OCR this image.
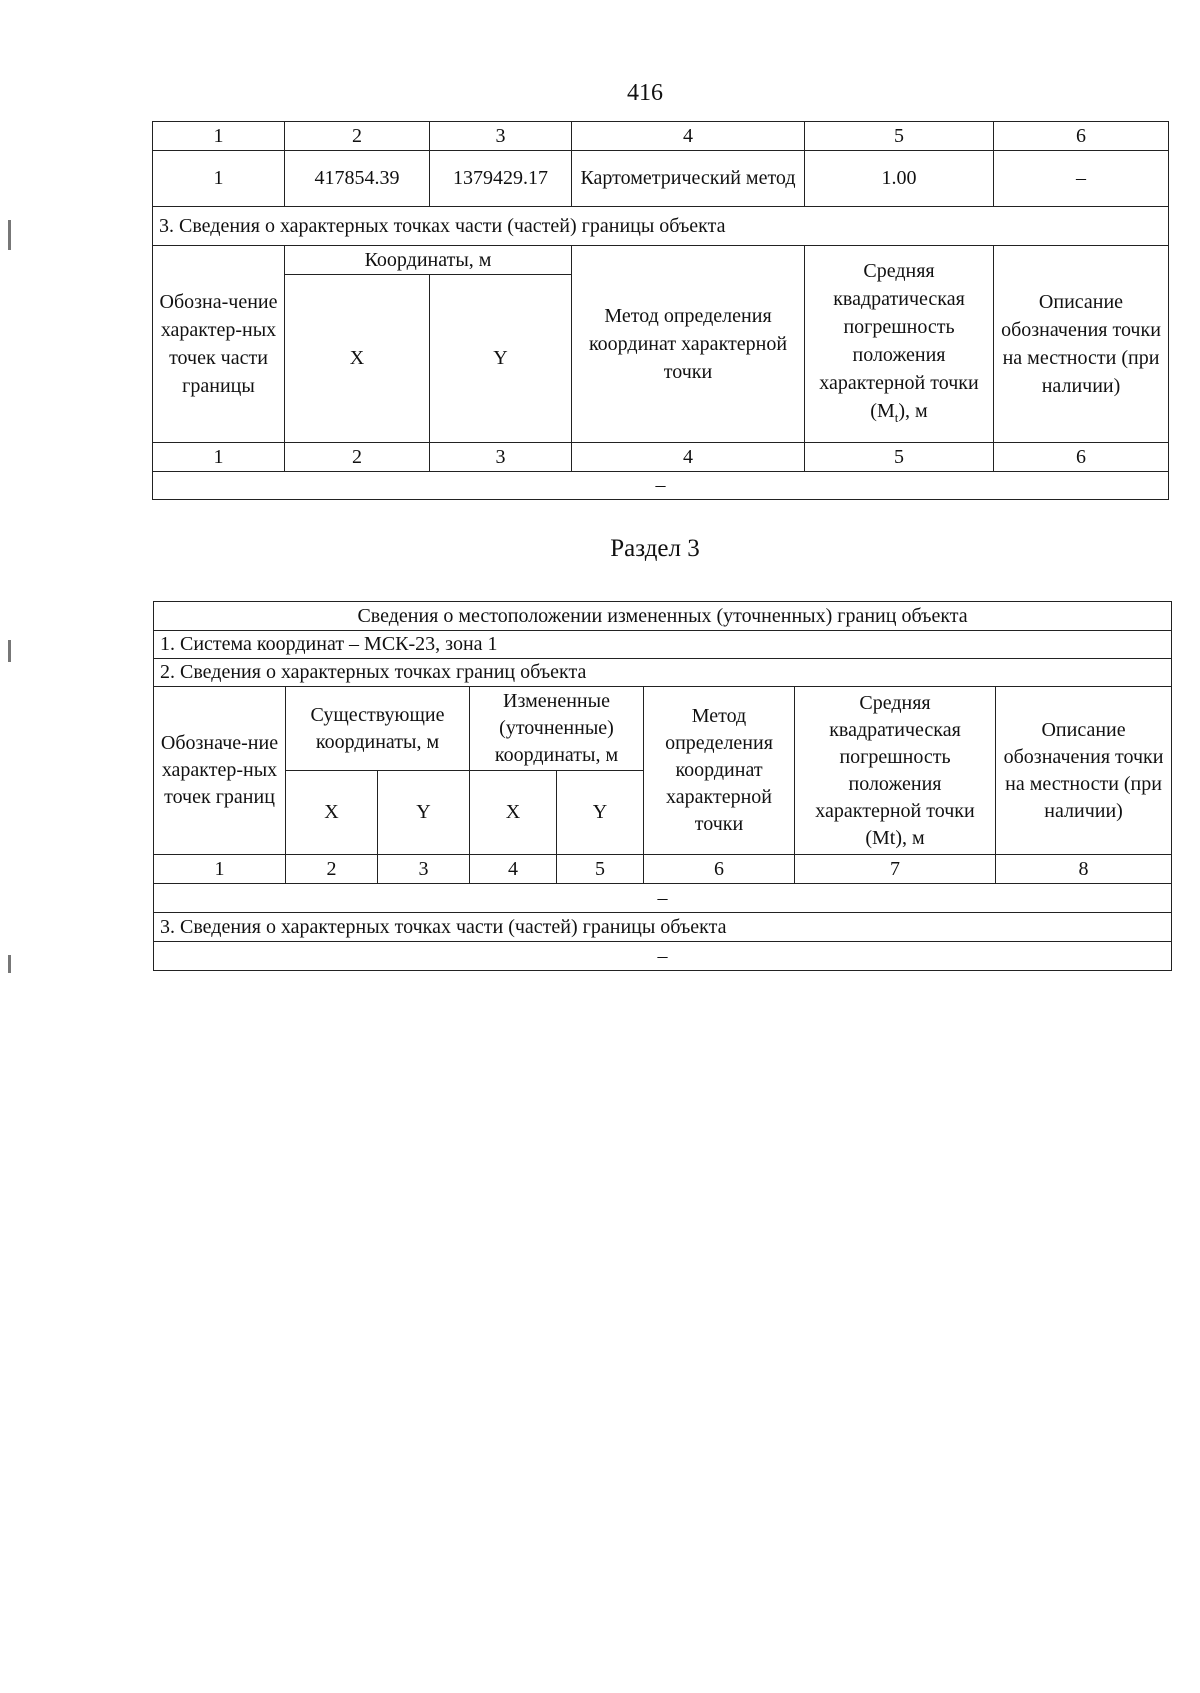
416
1	2	3	4	5	6
1	417854.39	1379429.17	Картометрический метод	1.00	–
3. Сведения о характерных точках части (частей) границы объекта					
Обозна-чение характер-ных точек части границы	Координаты, м		Метод определения координат характерной точки	Средняя квадратическая погрешность положения характерной точки $(M_t)$, м	Описание обозначения точки на местности (при наличии)
	X	Y			
1	2	3	4	5	6
–					
Раздел 3
Сведения о местоположении измененных (уточненных) границ объекта							
1. Система координат – МСК-23, зона 1							
2. Сведения о характерных точках границ объекта							
Обозначе-ние характер-ных точек границ	Существующие координаты, м		Измененные (уточненные) координаты, м		Метод определения координат характерной точки	Средняя квадратическая погрешность положения характерной точки (Mt), м	Описание обозначения точки на местности (при наличии)
	X	Y	X	Y			
1	2	3	4	5	6	7	8
–							
3. Сведения о характерных точках части (частей) границы объекта							
–							
